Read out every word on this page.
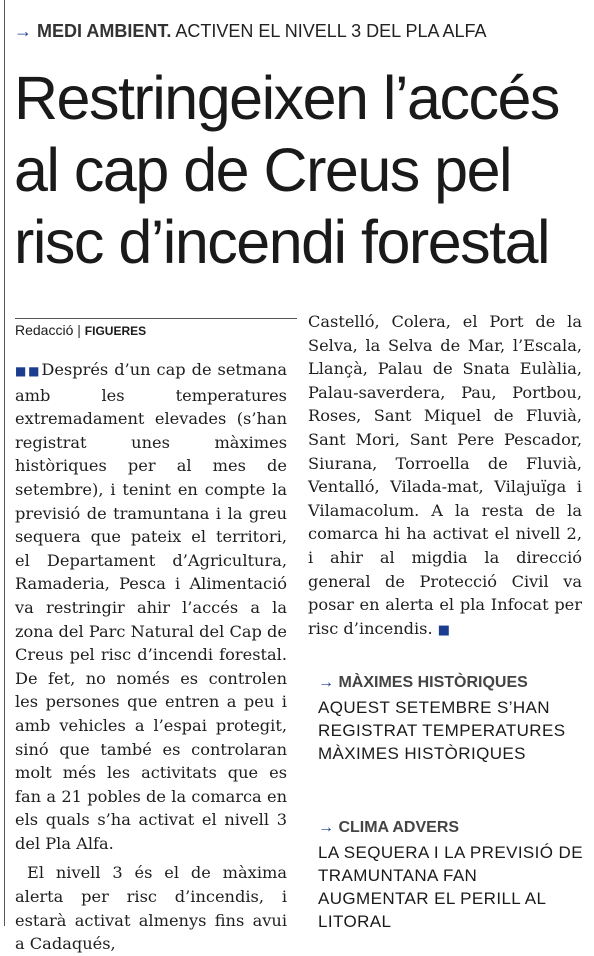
→ MEDI AMBIENT. ACTIVEN EL NIVELL 3 DEL PLA ALFA
Restringeixen l’accés al cap de Creus pel risc d’incendi forestal
Redacció | FIGUERES

■■Després d’un cap de setmana amb les temperatures extremadament elevades (s’han registrat unes màximes històriques per al mes de setembre), i tenint en compte la previsió de tramuntana i la greu sequera que pateix el territori, el Departament d’Agricultura, Ramaderia, Pesca i Alimentació va restringir ahir l’accés a la zona del Parc Natural del Cap de Creus pel risc d’incendi forestal. De fet, no només es controlen les persones que entren a peu i amb vehicles a l’espai protegit, sinó que també es controlaran molt més les activitats que es fan a 21 pobles de la comarca en els quals s’ha activat el nivell 3 del Pla Alfa.

El nivell 3 és el de màxima alerta per risc d’incendis, i estarà activat almenys fins avui a Cadaqués,

Castelló, Colera, el Port de la Selva, la Selva de Mar, l’Escala, Llançà, Palau de Snata Eulàlia, Palau-saverdera, Pau, Portbou, Roses, Sant Miquel de Fluvià, Sant Mori, Sant Pere Pescador, Siurana, Torroella de Fluvià, Ventalló, Vilada-mat, Vilajuïga i Vilamacolum. A la resta de la comarca hi ha activat el nivell 2, i ahir al migdia la direcció general de Protecció Civil va posar en alerta el pla Infocat per risc d’incendis. ■

→ MÀXIMES HISTÒRIQUES
AQUEST SETEMBRE S’HAN REGISTRAT TEMPERATURES MÀXIMES HISTÒRIQUES
→ CLIMA ADVERS
LA SEQUERA I LA PREVISIÓ DE TRAMUNTANA FAN AUGMENTAR EL PERILL AL LITORAL
